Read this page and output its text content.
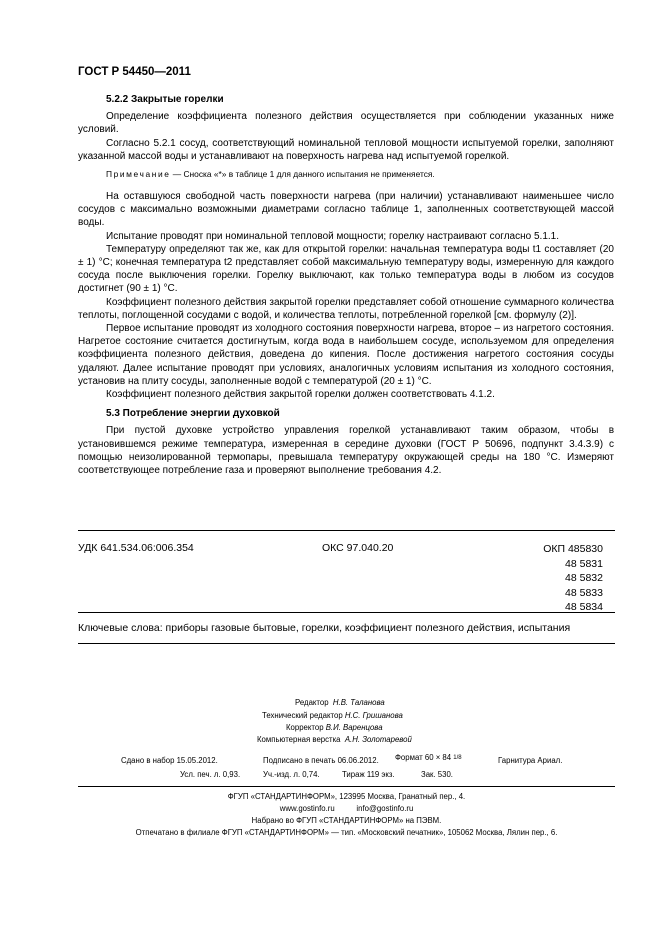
ГОСТ Р 54450—2011
5.2.2 Закрытые горелки

Определение коэффициента полезного действия осуществляется при соблюдении указанных ниже условий.

Согласно 5.2.1 сосуд, соответствующий номинальной тепловой мощности испытуемой горелки, заполняют указанной массой воды и устанавливают на поверхность нагрева над испытуемой горелкой.

Примечание — Сноска «*» в таблице 1 для данного испытания не применяется.

На оставшуюся свободной часть поверхности нагрева (при наличии) устанавливают наименьшее число сосудов с максимально возможными диаметрами согласно таблице 1, заполненных соответствующей массой воды.

Испытание проводят при номинальной тепловой мощности; горелку настраивают согласно 5.1.1.

Температуру определяют так же, как для открытой горелки: начальная температура воды t1 составляет (20 ± 1) °C; конечная температура t2 представляет собой максимальную температуру воды, измеренную для каждого сосуда после выключения горелки. Горелку выключают, как только температура воды в любом из сосудов достигнет (90 ± 1) °C.

Коэффициент полезного действия закрытой горелки представляет собой отношение суммарного количества теплоты, поглощенной сосудами с водой, и количества теплоты, потребленной горелкой [см. формулу (2)].

Первое испытание проводят из холодного состояния поверхности нагрева, второе – из нагретого состояния. Нагретое состояние считается достигнутым, когда вода в наибольшем сосуде, используемом для определения коэффициента полезного действия, доведена до кипения. После достижения нагретого состояния сосуды удаляют. Далее испытание проводят при условиях, аналогичных условиям испытания из холодного состояния, установив на плиту сосуды, заполненные водой с температурой (20 ± 1) °C.

Коэффициент полезного действия закрытой горелки должен соответствовать 4.1.2.

5.3 Потребление энергии духовкой

При пустой духовке устройство управления горелкой устанавливают таким образом, чтобы в установившемся режиме температура, измеренная в середине духовки (ГОСТ Р 50696, подпункт 3.4.3.9) с помощью неизолированной термопары, превышала температуру окружающей среды на 180 °C. Измеряют соответствующее потребление газа и проверяют выполнение требования 4.2.

УДК 641.534.06:006.354	ОКС 97.040.20	ОКП 485830
48 5831
48 5832
48 5833
48 5834
Ключевые слова: приборы газовые бытовые, горелки, коэффициент полезного действия, испытания
Редактор Н.В. Таланова
Технический редактор Н.С. Гришанова
Корректор В.И. Варенцова
Компьютерная верстка А.Н. Золотаревой
Сдано в набор 15.05.2012.	Подписано в печать 06.06.2012. Формат 60 × 84 1/8	Гарнитура Ариал.
Усл. печ. л. 0,93.	Уч.-изд. л. 0,74.	Тираж 119 экз.	Зак. 530.
ФГУП «СТАНДАРТИНФОРМ», 123995 Москва, Гранатный пер., 4.
www.gostinfo.ru	info@gostinfo.ru
Набрано во ФГУП «СТАНДАРТИНФОРМ» на ПЭВМ.
Отпечатано в филиале ФГУП «СТАНДАРТИНФОРМ» — тип. «Московский печатник», 105062 Москва, Лялин пер., 6.
